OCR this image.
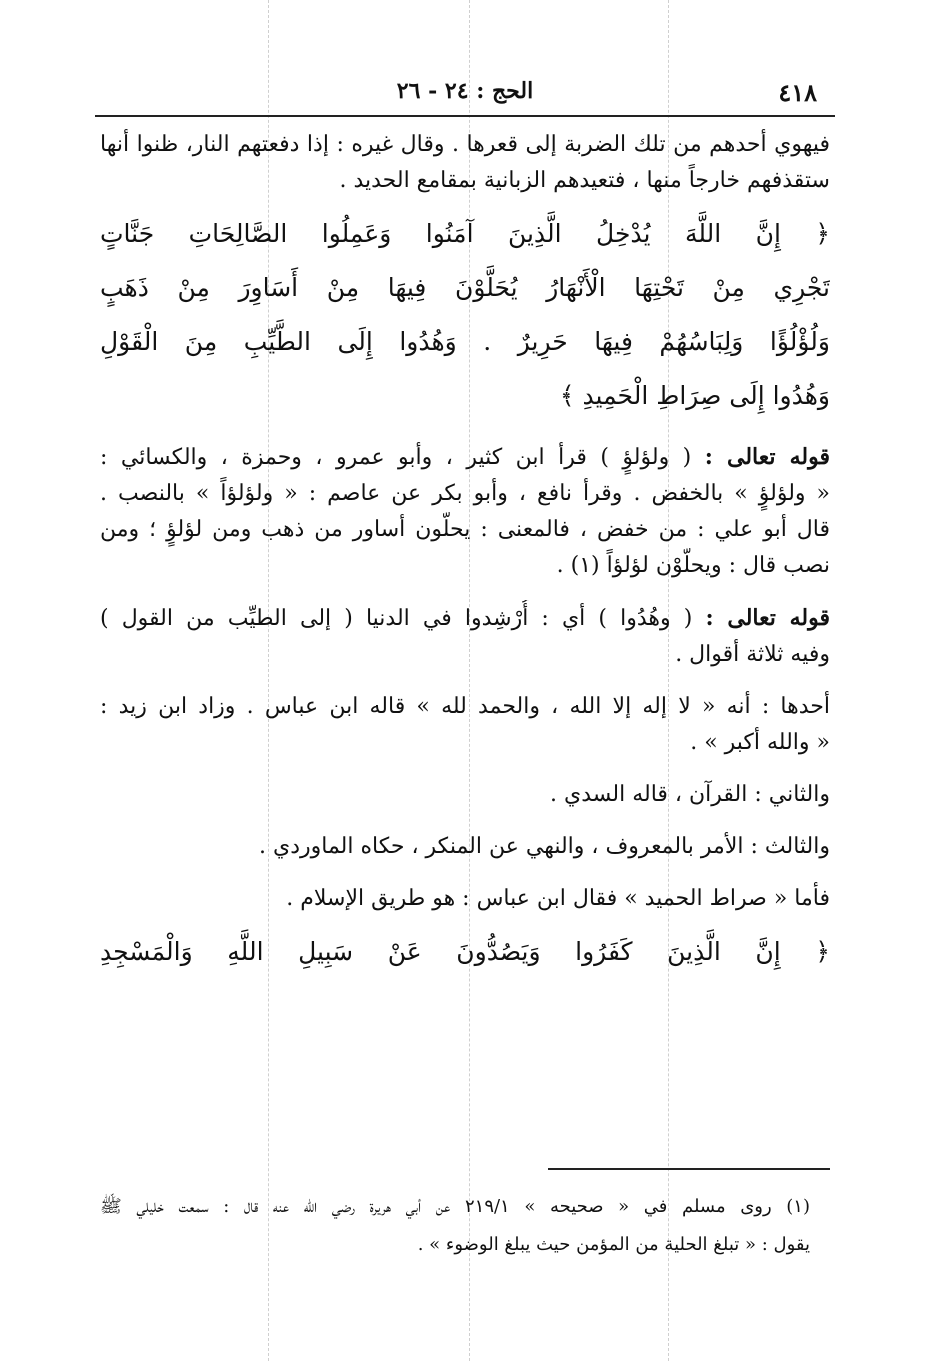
٤١٨
الحج : ٢٤ - ٢٦
فيهوي أحدهم من تلك الضربة إلى قعرها . وقال غيره : إذا دفعتهم النار، ظنوا أنها
ستقذفهم خارجاً منها ، فتعيدهم الزبانية بمقامع الحديد .
﴿ إِنَّ اللَّهَ يُدْخِلُ الَّذِينَ آمَنُوا وَعَمِلُوا الصَّالِحَاتِ جَنَّاتٍ
تَجْرِي مِنْ تَحْتِهَا الْأَنْهَارُ يُحَلَّوْنَ فِيهَا مِنْ أَسَاوِرَ مِنْ ذَهَبٍ
وَلُؤْلُؤًا وَلِبَاسُهُمْ فِيهَا حَرِيرٌ . وَهُدُوا إِلَى الطَّيِّبِ مِنَ الْقَوْلِ
وَهُدُوا إِلَى صِرَاطِ الْحَمِيدِ ﴾
قوله تعالى : ( ولؤلؤٍ ) قرأ ابن كثير ، وأبو عمرو ، وحمزة ، والكسائي :
« ولؤلؤٍ » بالخفض . وقرأ نافع ، وأبو بكر عن عاصم : « ولؤلؤاً » بالنصب .
قال أبو علي : من خفض ، فالمعنى : يحلَّون أساور من ذهب ومن لؤلؤٍ ؛ ومن
نصب قال : ويحلَّوْن لؤلؤاً (١) .
قوله تعالى : ( وهُدُوا ) أي : أُرْشِدوا في الدنيا ( إلى الطيِّب من القول )
وفيه ثلاثة أقوال .
أحدها : أنه « لا إله إلا الله ، والحمد لله » قاله ابن عباس . وزاد ابن زيد :
« والله أكبر » .
والثاني : القرآن ، قاله السدي .
والثالث : الأمر بالمعروف ، والنهي عن المنكر ، حكاه الماوردي .
فأما « صراط الحميد » فقال ابن عباس : هو طريق الإسلام .
﴿ إِنَّ الَّذِينَ كَفَرُوا وَيَصُدُّونَ عَنْ سَبِيلِ اللَّهِ وَالْمَسْجِدِ
(١) روى مسلم في « صحيحه » ٢١٩/١ عن أبي هريرة رضي الله عنه قال : سمعت خليلي ﷺ
يقول : « تبلغ الحلية من المؤمن حيث يبلغ الوضوء » .
